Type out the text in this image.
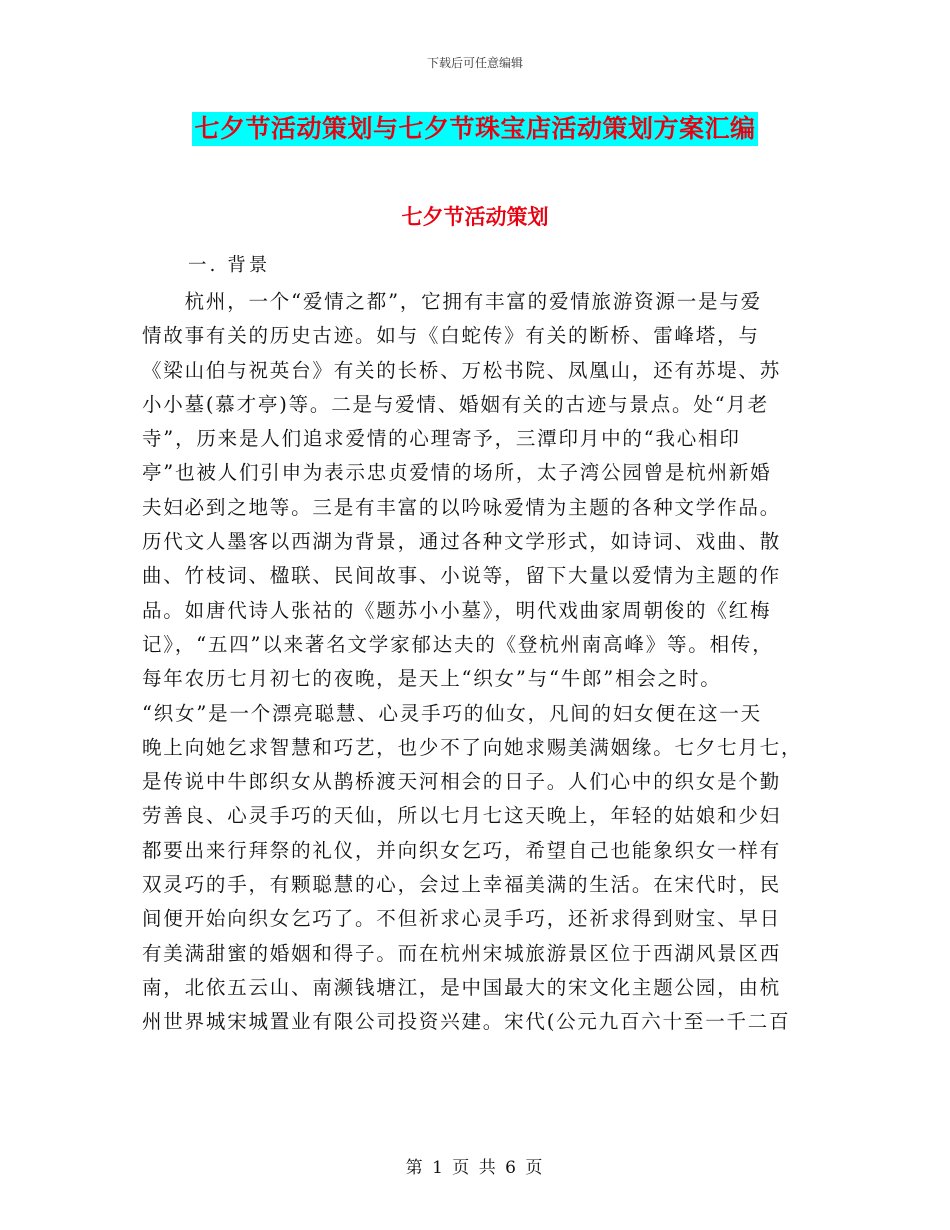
下载后可任意编辑
七夕节活动策划与七夕节珠宝店活动策划方案汇编
七夕节活动策划
一. 背景
　　杭州，一个“爱情之都”，它拥有丰富的爱情旅游资源一是与爱
情故事有关的历史古迹。如与《白蛇传》有关的断桥、雷峰塔，与
《梁山伯与祝英台》有关的长桥、万松书院、凤凰山，还有苏堤、苏
小小墓(慕才亭)等。二是与爱情、婚姻有关的古迹与景点。处“月老
寺”，历来是人们追求爱情的心理寄予，三潭印月中的“我心相印
亭”也被人们引申为表示忠贞爱情的场所，太子湾公园曾是杭州新婚
夫妇必到之地等。三是有丰富的以吟咏爱情为主题的各种文学作品。
历代文人墨客以西湖为背景，通过各种文学形式，如诗词、戏曲、散
曲、竹枝词、楹联、民间故事、小说等，留下大量以爱情为主题的作
品。如唐代诗人张祜的《题苏小小墓》，明代戏曲家周朝俊的《红梅
记》，“五四”以来著名文学家郁达夫的《登杭州南高峰》等。相传，
每年农历七月初七的夜晚，是天上“织女”与“牛郎”相会之时。
“织女”是一个漂亮聪慧、心灵手巧的仙女，凡间的妇女便在这一天
晚上向她乞求智慧和巧艺，也少不了向她求赐美满姻缘。七夕七月七，
是传说中牛郎织女从鹊桥渡天河相会的日子。人们心中的织女是个勤
劳善良、心灵手巧的天仙，所以七月七这天晚上，年轻的姑娘和少妇
都要出来行拜祭的礼仪，并向织女乞巧，希望自己也能象织女一样有
双灵巧的手，有颗聪慧的心，会过上幸福美满的生活。在宋代时，民
间便开始向织女乞巧了。不但祈求心灵手巧，还祈求得到财宝、早日
有美满甜蜜的婚姻和得子。而在杭州宋城旅游景区位于西湖风景区西
南，北依五云山、南濒钱塘江，是中国最大的宋文化主题公园，由杭
州世界城宋城置业有限公司投资兴建。宋代(公元九百六十至一千二百
第 1 页 共 6 页
